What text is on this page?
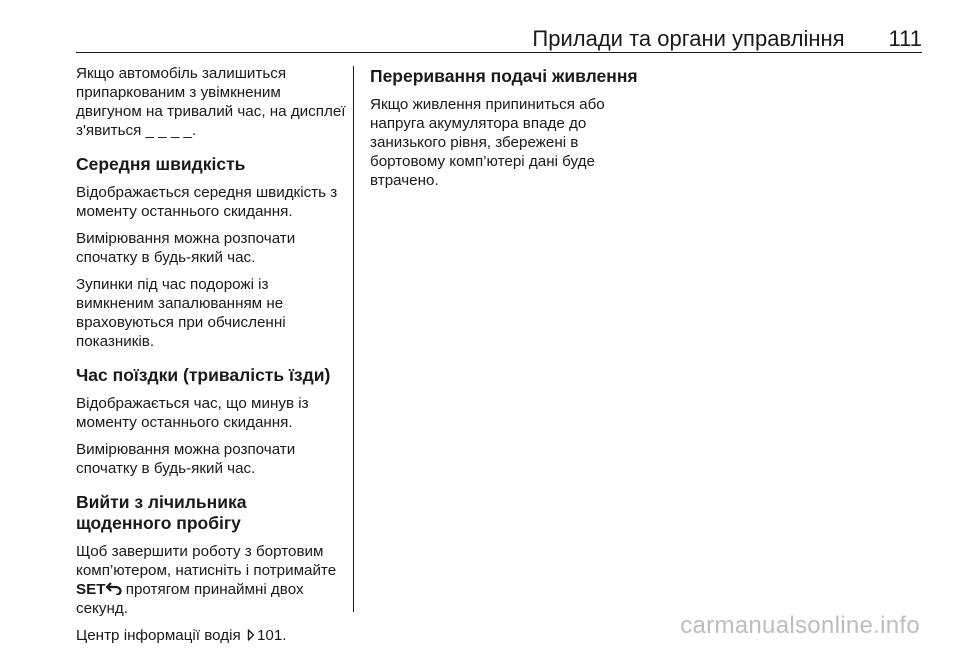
Прилади та органи управління 111

Якщо автомобіль залишиться припаркованим з увімкненим двигуном на тривалий час, на дисплеї з'явиться _ _ _ _.

Середня швидкість

Відображається середня швидкість з моменту останнього скидання.

Вимірювання можна розпочати спочатку в будь-який час.

Зупинки під час подорожі із вимкненим запалюванням не враховуються при обчисленні показників.

Час поїздки (тривалість їзди)

Відображається час, що минув із моменту останнього скидання.

Вимірювання можна розпочати спочатку в будь-який час.

Вийти з лічильника щоденного пробігу

Щоб завершити роботу з бортовим комп’ютером, натисніть і потримайте SET протягом принаймні двох секунд.

Центр інформації водія 101.

Переривання подачі живлення

Якщо живлення припиниться або напруга акумулятора впаде до занизького рівня, збережені в бортовому комп’ютері дані буде втрачено.

carmanualsonline.info
